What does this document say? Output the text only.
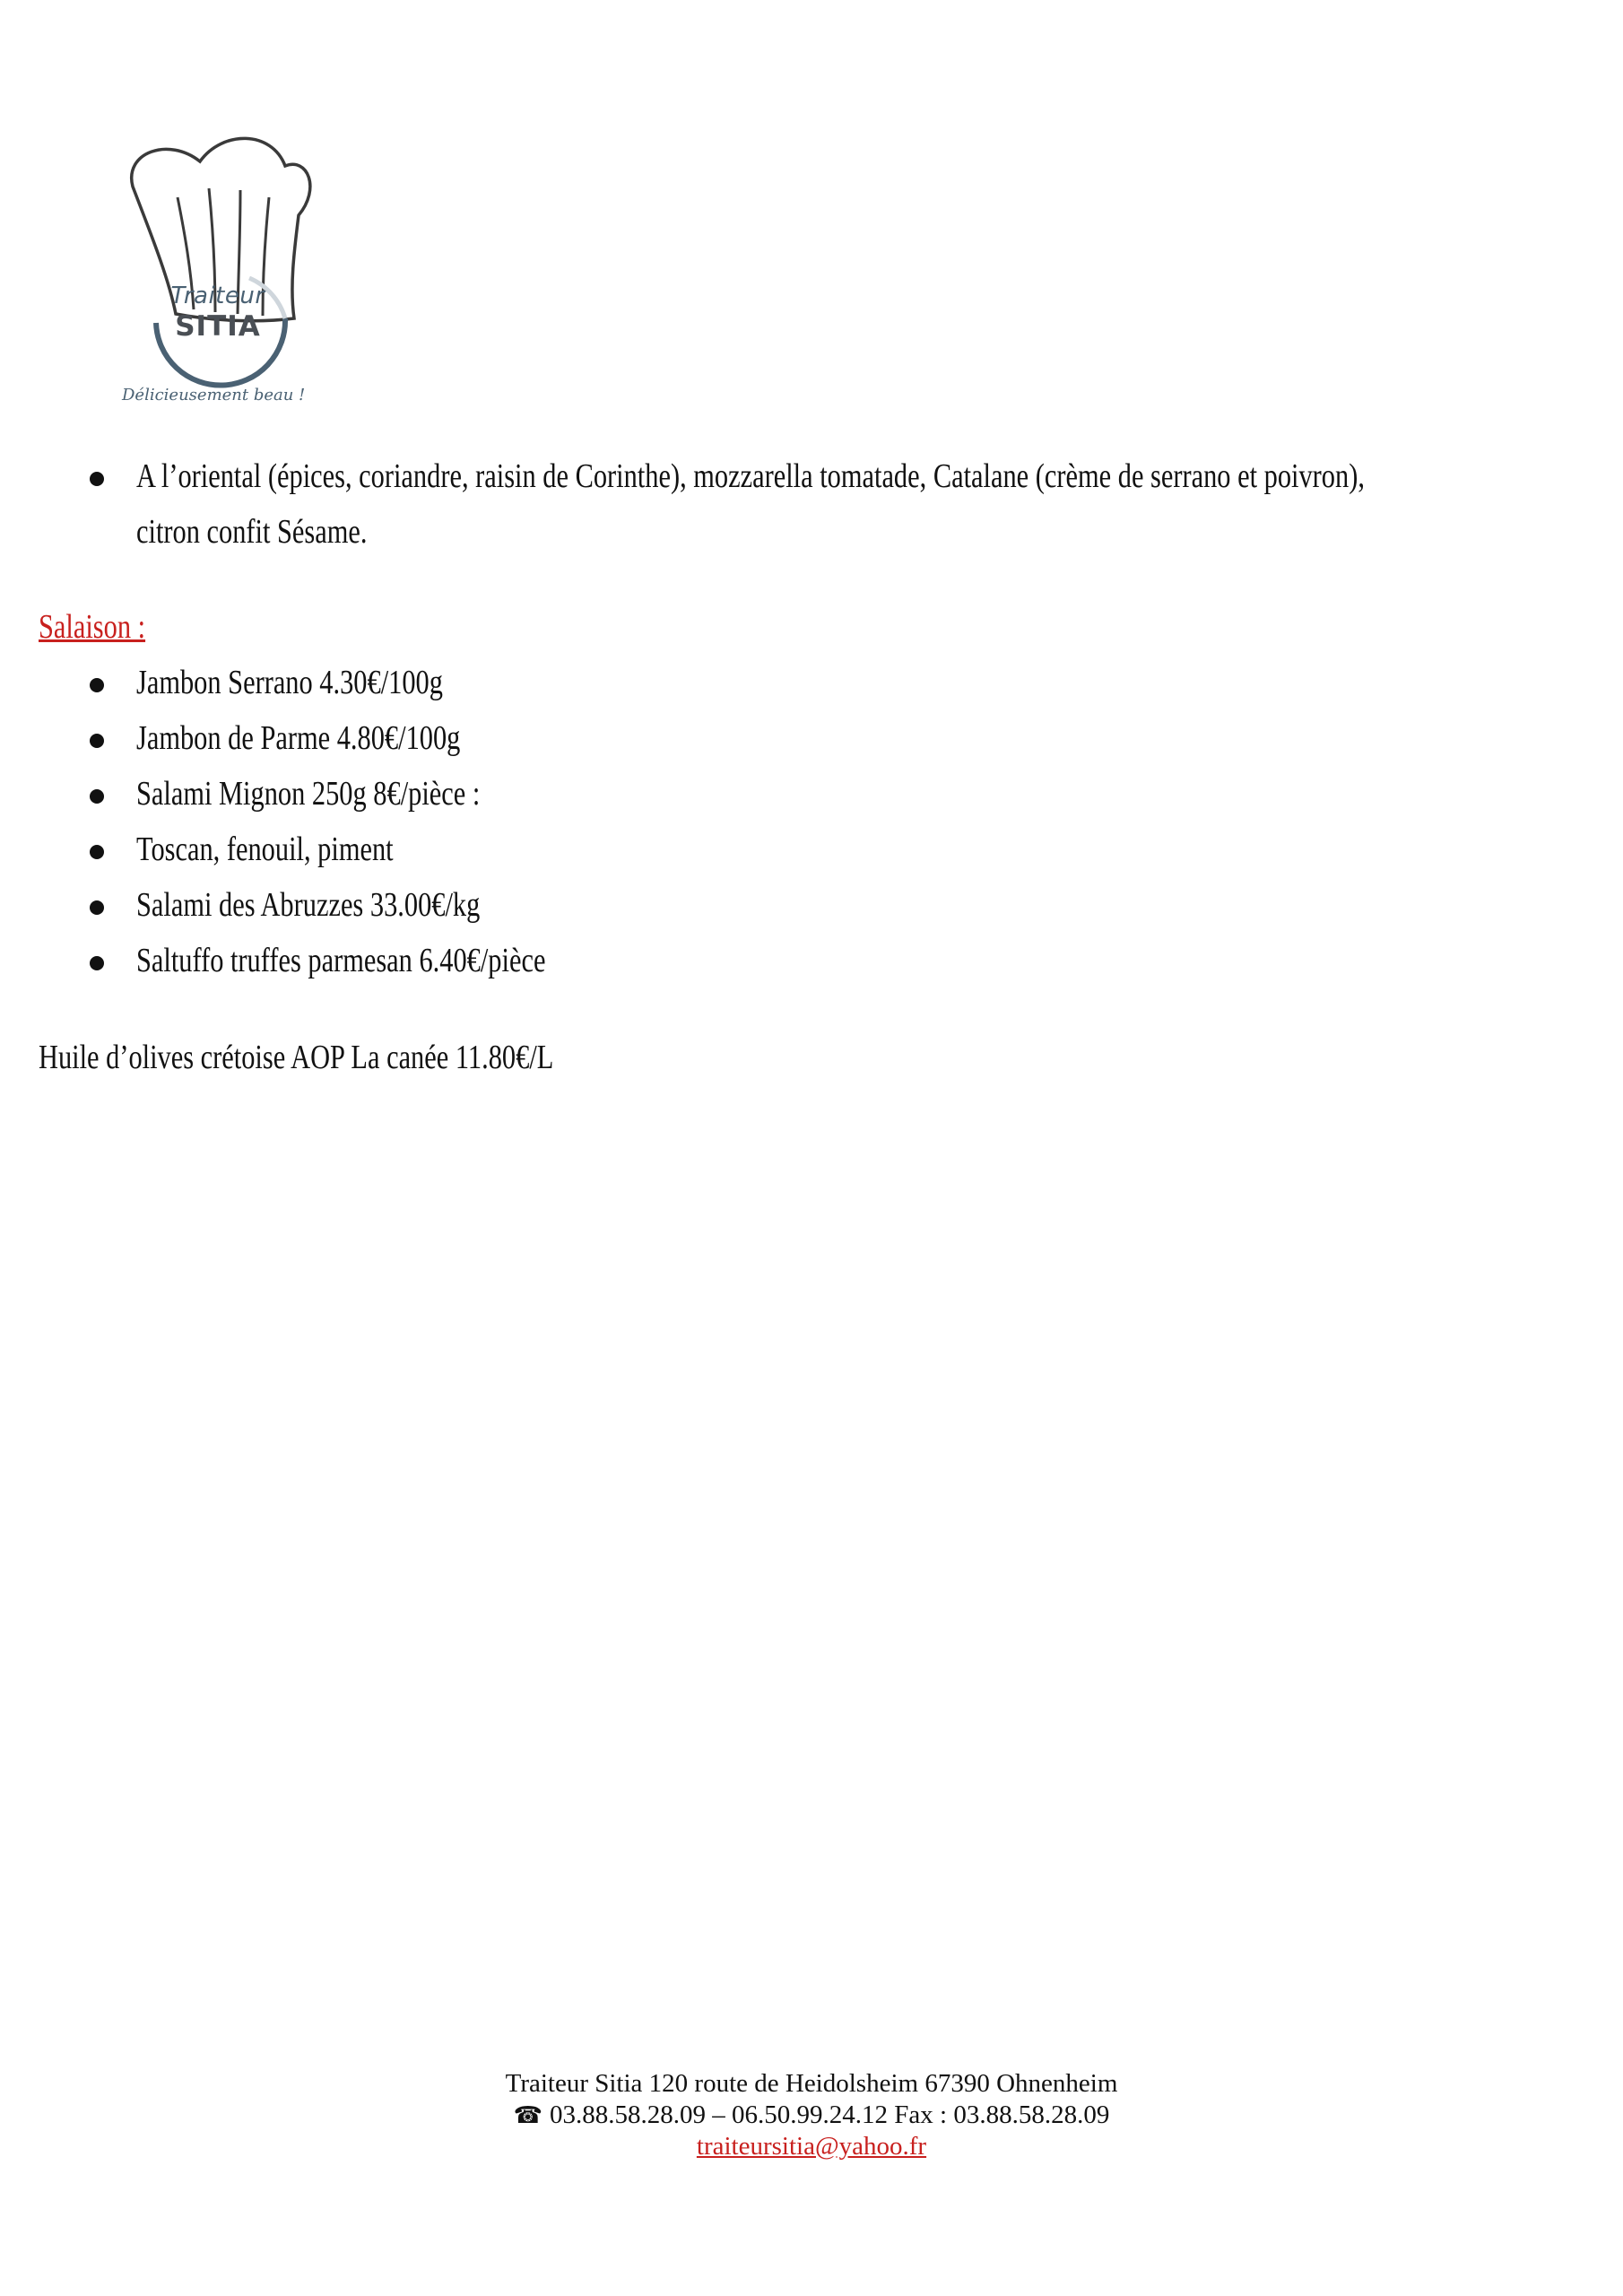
Traiteur
SITIA
Délicieusement beau !
A l’oriental (épices, coriandre, raisin de Corinthe), mozzarella tomatade, Catalane (crème de serrano et poivron),
citron confit Sésame.
Salaison :
Jambon Serrano 4.30€/100g
Jambon de Parme 4.80€/100g
Salami Mignon 250g 8€/pièce :
Toscan, fenouil, piment
Salami des Abruzzes 33.00€/kg
Saltuffo truffes parmesan 6.40€/pièce
Huile d’olives crétoise AOP La canée 11.80€/L
Traiteur Sitia 120 route de Heidolsheim 67390 Ohnenheim
☎ 03.88.58.28.09 – 06.50.99.24.12 Fax : 03.88.58.28.09
traiteursitia@yahoo.fr
